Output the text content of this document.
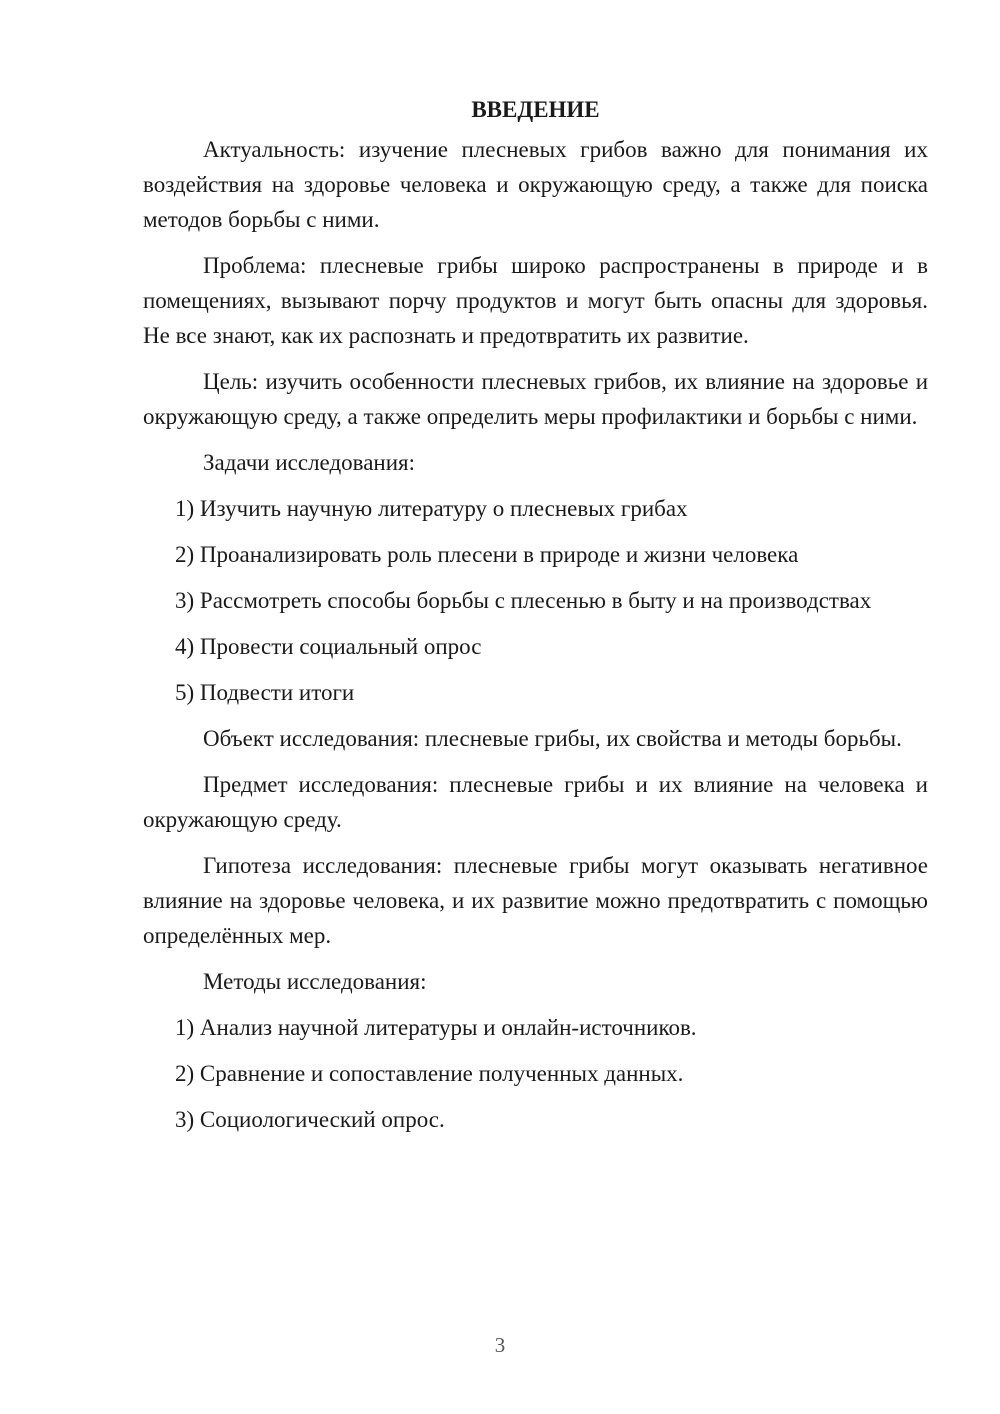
ВВЕДЕНИЕ

Актуальность: изучение плесневых грибов важно для понимания их воздействия на здоровье человека и окружающую среду, а также для поиска методов борьбы с ними.

Проблема: плесневые грибы широко распространены в природе и в помещениях, вызывают порчу продуктов и могут быть опасны для здоровья. Не все знают, как их распознать и предотвратить их развитие.

Цель: изучить особенности плесневых грибов, их влияние на здоровье и окружающую среду, а также определить меры профилактики и борьбы с ними.

Задачи исследования:

1) Изучить научную литературу о плесневых грибах
2) Проанализировать роль плесени в природе и жизни человека
3) Рассмотреть способы борьбы с плесенью в быту и на производствах
4) Провести социальный опрос
5) Подвести итоги

Объект исследования: плесневые грибы, их свойства и методы борьбы.

Предмет исследования: плесневые грибы и их влияние на человека и окружающую среду.

Гипотеза исследования: плесневые грибы могут оказывать негативное влияние на здоровье человека, и их развитие можно предотвратить с помощью определённых мер.

Методы исследования:

1) Анализ научной литературы и онлайн-источников.
2) Сравнение и сопоставление полученных данных.
3) Социологический опрос.
3
